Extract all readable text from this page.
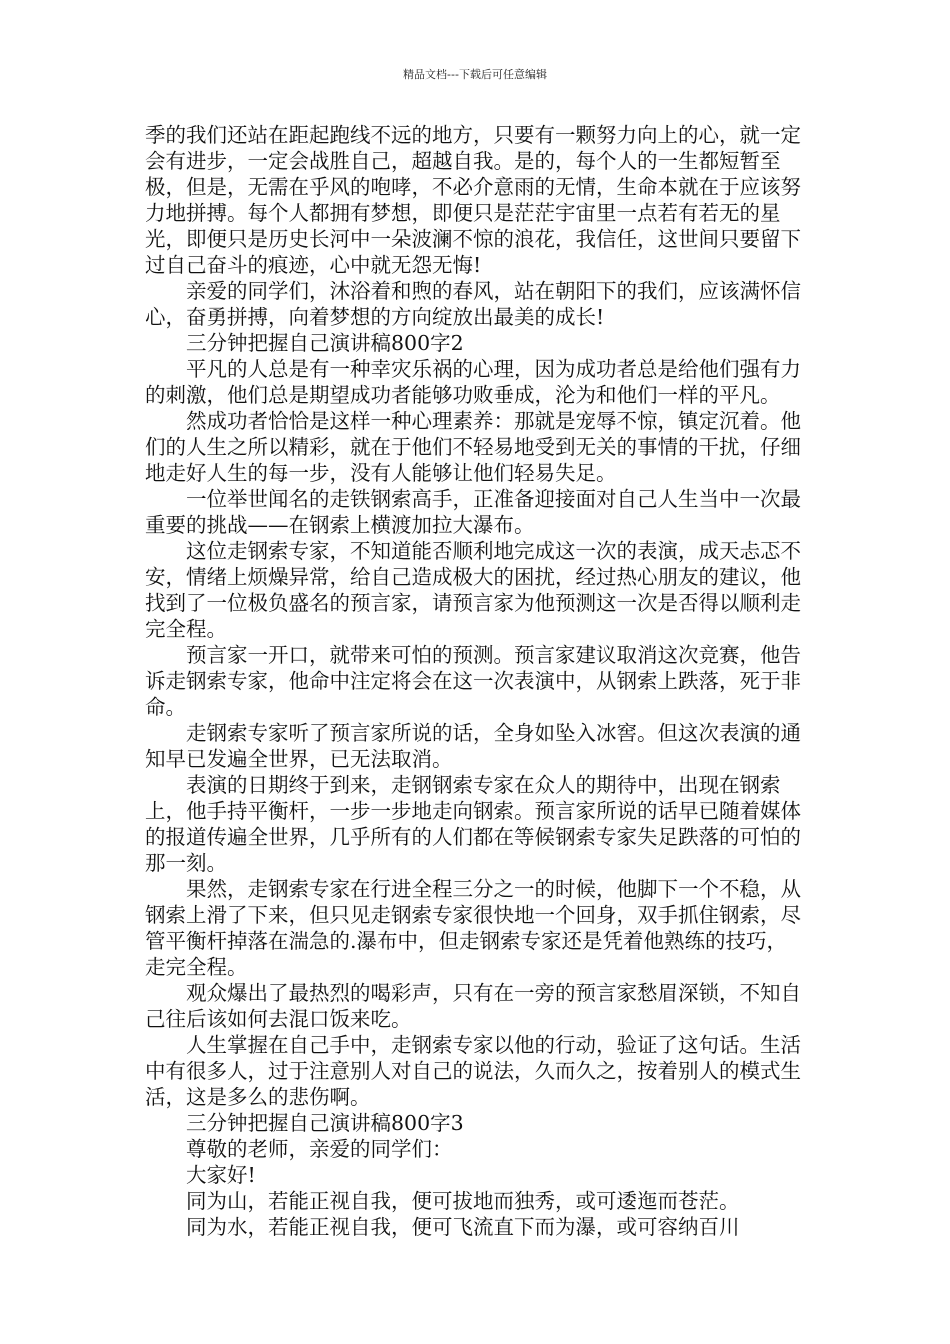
精品文档---下载后可任意编辑

季的我们还站在距起跑线不远的地方，只要有一颗努力向上的心，就一定会有进步，一定会战胜自己，超越自我。是的，每个人的一生都短暂至极，但是，无需在乎风的咆哮，不必介意雨的无情，生命本就在于应该努力地拼搏。每个人都拥有梦想，即便只是茫茫宇宙里一点若有若无的星光，即便只是历史长河中一朵波澜不惊的浪花，我信任，这世间只要留下过自己奋斗的痕迹，心中就无怨无悔!

亲爱的同学们，沐浴着和煦的春风，站在朝阳下的我们，应该满怀信心，奋勇拼搏，向着梦想的方向绽放出最美的成长!

三分钟把握自己演讲稿800字2

平凡的人总是有一种幸灾乐祸的心理，因为成功者总是给他们强有力的刺激，他们总是期望成功者能够功败垂成，沦为和他们一样的平凡。

然成功者恰恰是这样一种心理素养：那就是宠辱不惊，镇定沉着。他们的人生之所以精彩，就在于他们不轻易地受到无关的事情的干扰，仔细地走好人生的每一步，没有人能够让他们轻易失足。

一位举世闻名的走铁钢索高手，正准备迎接面对自己人生当中一次最重要的挑战——在钢索上横渡加拉大瀑布。

这位走钢索专家，不知道能否顺利地完成这一次的表演，成天忐忑不安，情绪上烦燥异常，给自己造成极大的困扰，经过热心朋友的建议，他找到了一位极负盛名的预言家，请预言家为他预测这一次是否得以顺利走完全程。

预言家一开口，就带来可怕的预测。预言家建议取消这次竞赛，他告诉走钢索专家，他命中注定将会在这一次表演中，从钢索上跌落，死于非命。

走钢索专家听了预言家所说的话，全身如坠入冰窖。但这次表演的通知早已发遍全世界，已无法取消。

表演的日期终于到来，走钢钢索专家在众人的期待中，出现在钢索上，他手持平衡杆，一步一步地走向钢索。预言家所说的话早已随着媒体的报道传遍全世界，几乎所有的人们都在等候钢索专家失足跌落的可怕的那一刻。

果然，走钢索专家在行进全程三分之一的时候，他脚下一个不稳，从钢索上滑了下来，但只见走钢索专家很快地一个回身，双手抓住钢索，尽管平衡杆掉落在湍急的.瀑布中，但走钢索专家还是凭着他熟练的技巧，走完全程。

观众爆出了最热烈的喝彩声，只有在一旁的预言家愁眉深锁，不知自己往后该如何去混口饭来吃。

人生掌握在自己手中，走钢索专家以他的行动，验证了这句话。生活中有很多人，过于注意别人对自己的说法，久而久之，按着别人的模式生活，这是多么的悲伤啊。

三分钟把握自己演讲稿800字3

尊敬的老师，亲爱的同学们：

大家好!

同为山，若能正视自我，便可拔地而独秀，或可逶迤而苍茫。

同为水，若能正视自我，便可飞流直下而为瀑，或可容纳百川
